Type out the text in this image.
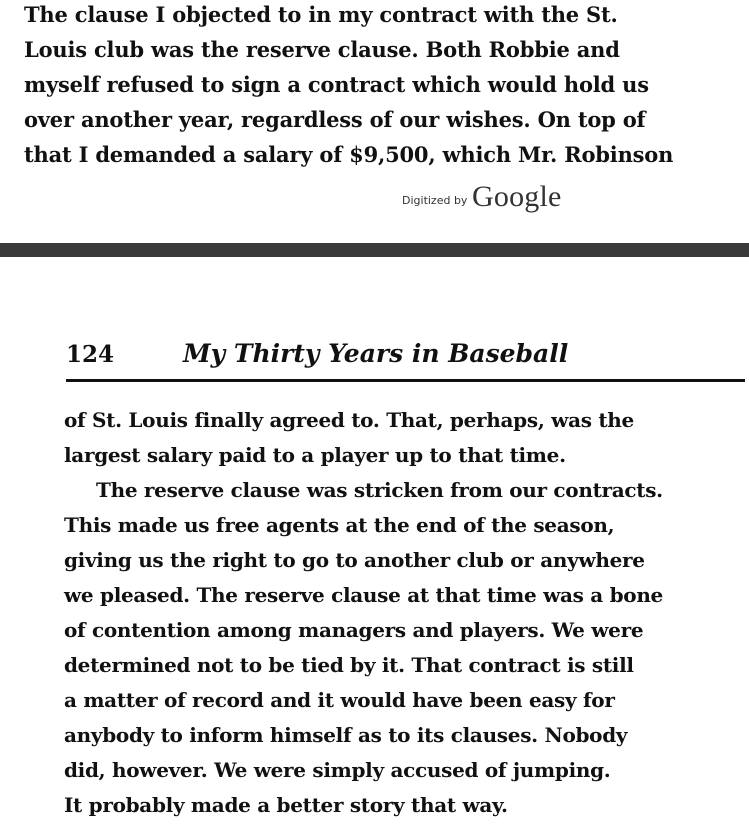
The clause I objected to in my contract with the St.
Louis club was the reserve clause. Both Robbie and
myself refused to sign a contract which would hold us
over another year, regardless of our wishes. On top of
that I demanded a salary of $9,500, which Mr. Robinson
Digitized by Google
124	My Thirty Years in Baseball
of St. Louis finally agreed to. That, perhaps, was the
largest salary paid to a player up to that time.
The reserve clause was stricken from our contracts.
This made us free agents at the end of the season,
giving us the right to go to another club or anywhere
we pleased. The reserve clause at that time was a bone
of contention among managers and players. We were
determined not to be tied by it. That contract is still
a matter of record and it would have been easy for
anybody to inform himself as to its clauses. Nobody
did, however. We were simply accused of jumping.
It probably made a better story that way.
